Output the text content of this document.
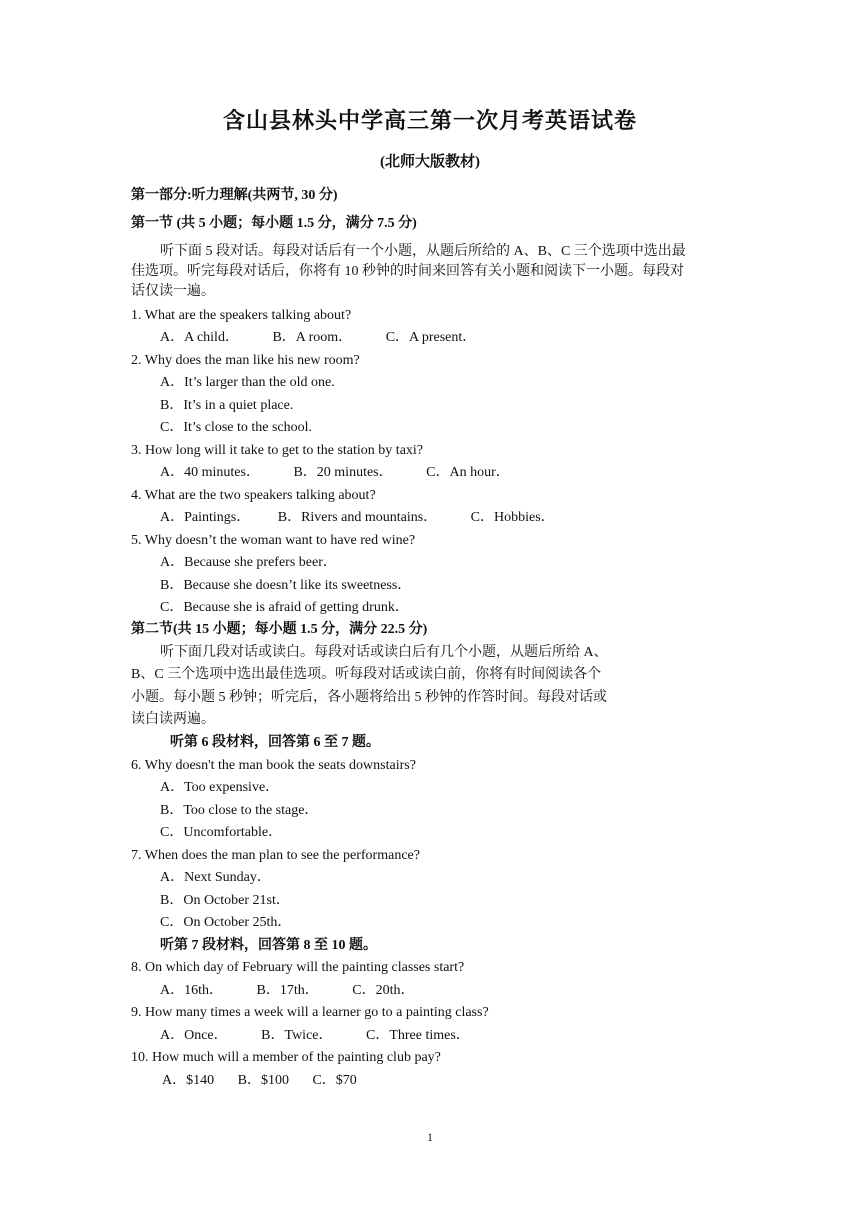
含山县林头中学高三第一次月考英语试卷
(北师大版教材)
第一部分:听力理解(共两节, 30 分)
第一节 (共 5 小题；每小题 1.5 分，满分 7.5 分)
听下面 5 段对话。每段对话后有一个小题，从题后所给的 A、B、C 三个选项中选出最
佳选项。听完每段对话后，你将有 10 秒钟的时间来回答有关小题和阅读下一小题。每段对
话仅读一遍。
1. What are the speakers talking about?
A．A child． B．A room． C．A present．
2. Why does the man like his new room?
A．It’s larger than the old one.
B．It’s in a quiet place.
C．It’s close to the school.
3. How long will it take to get to the station by taxi?
A．40 minutes． B．20 minutes． C．An hour．
4. What are the two speakers talking about?
A．Paintings． B．Rivers and mountains． C．Hobbies．
5. Why doesn’t the woman want to have red wine?
A．Because she prefers beer．
B．Because she doesn’t like its sweetness．
C．Because she is afraid of getting drunk．
第二节(共 15 小题；每小题 1.5 分，满分 22.5 分)
听下面几段对话或读白。每段对话或读白后有几个小题，从题后所给 A、
B、C 三个选项中选出最佳选项。听每段对话或读白前，你将有时间阅读各个
小题。每小题 5 秒钟；听完后，各小题将给出 5 秒钟的作答时间。每段对话或
读白读两遍。
听第 6 段材料，回答第 6 至 7 题。
6. Why doesn't the man book the seats downstairs?
A．Too expensive．
B．Too close to the stage．
C．Uncomfortable．
7. When does the man plan to see the performance?
A．Next Sunday．
B．On October 21st．
C．On October 25th．
听第 7 段材料，回答第 8 至 10 题。
8. On which day of February will the painting classes start?
A．16th． B．17th． C．20th．
9. How many times a week will a learner go to a painting class?
A．Once． B．Twice． C．Three times．
10. How much will a member of the painting club pay?
A．$140 B．$100 C．$70
1
